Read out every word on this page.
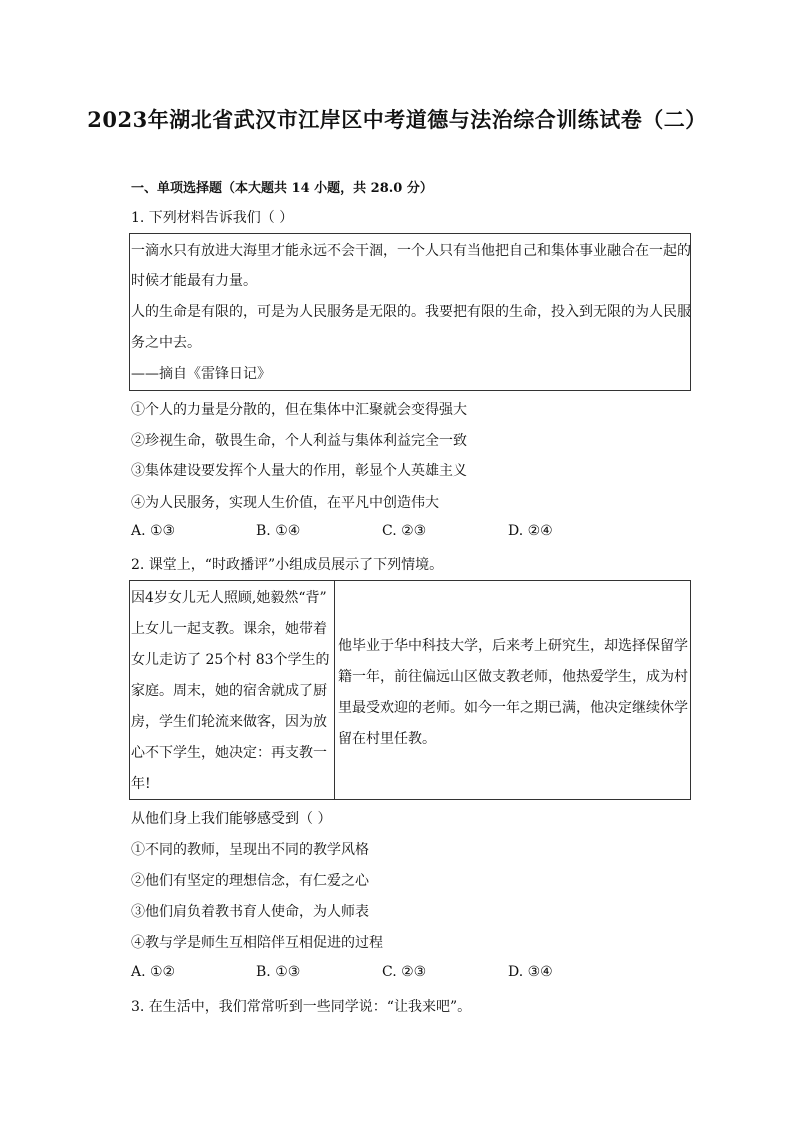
2023年湖北省武汉市江岸区中考道德与法治综合训练试卷（二）
一、单项选择题（本大题共 14 小题，共 28.0 分）
1. 下列材料告诉我们（ ）
一滴水只有放进大海里才能永远不会干涸，一个人只有当他把自己和集体事业融合在一起的
时候才能最有力量。
人的生命是有限的，可是为人民服务是无限的。我要把有限的生命，投入到无限的为人民服
务之中去。
——摘自《雷锋日记》
①个人的力量是分散的，但在集体中汇聚就会变得强大
②珍视生命，敬畏生命，个人利益与集体利益完全一致
③集体建设要发挥个人量大的作用，彰显个人英雄主义
④为人民服务，实现人生价值，在平凡中创造伟大
A. ①③	B. ①④	C. ②③	D. ②④
2. 课堂上，“时政播评”小组成员展示了下列情境。
因4岁女儿无人照顾,她毅然“背”
上女儿一起支教。课余，她带着
女儿走访了 25个村 83个学生的
家庭。周末，她的宿舍就成了厨
房，学生们轮流来做客，因为放
心不下学生，她决定：再支教一
年!
他毕业于华中科技大学，后来考上研究生，却选择保留学
籍一年，前往偏远山区做支教老师，他热爱学生，成为村
里最受欢迎的老师。如今一年之期已满，他决定继续休学
留在村里任教。
从他们身上我们能够感受到（ ）
①不同的教师，呈现出不同的教学风格
②他们有坚定的理想信念，有仁爱之心
③他们肩负着教书育人使命，为人师表
④教与学是师生互相陪伴互相促进的过程
A. ①②	B. ①③	C. ②③	D. ③④
3. 在生活中，我们常常听到一些同学说：“让我来吧”。
